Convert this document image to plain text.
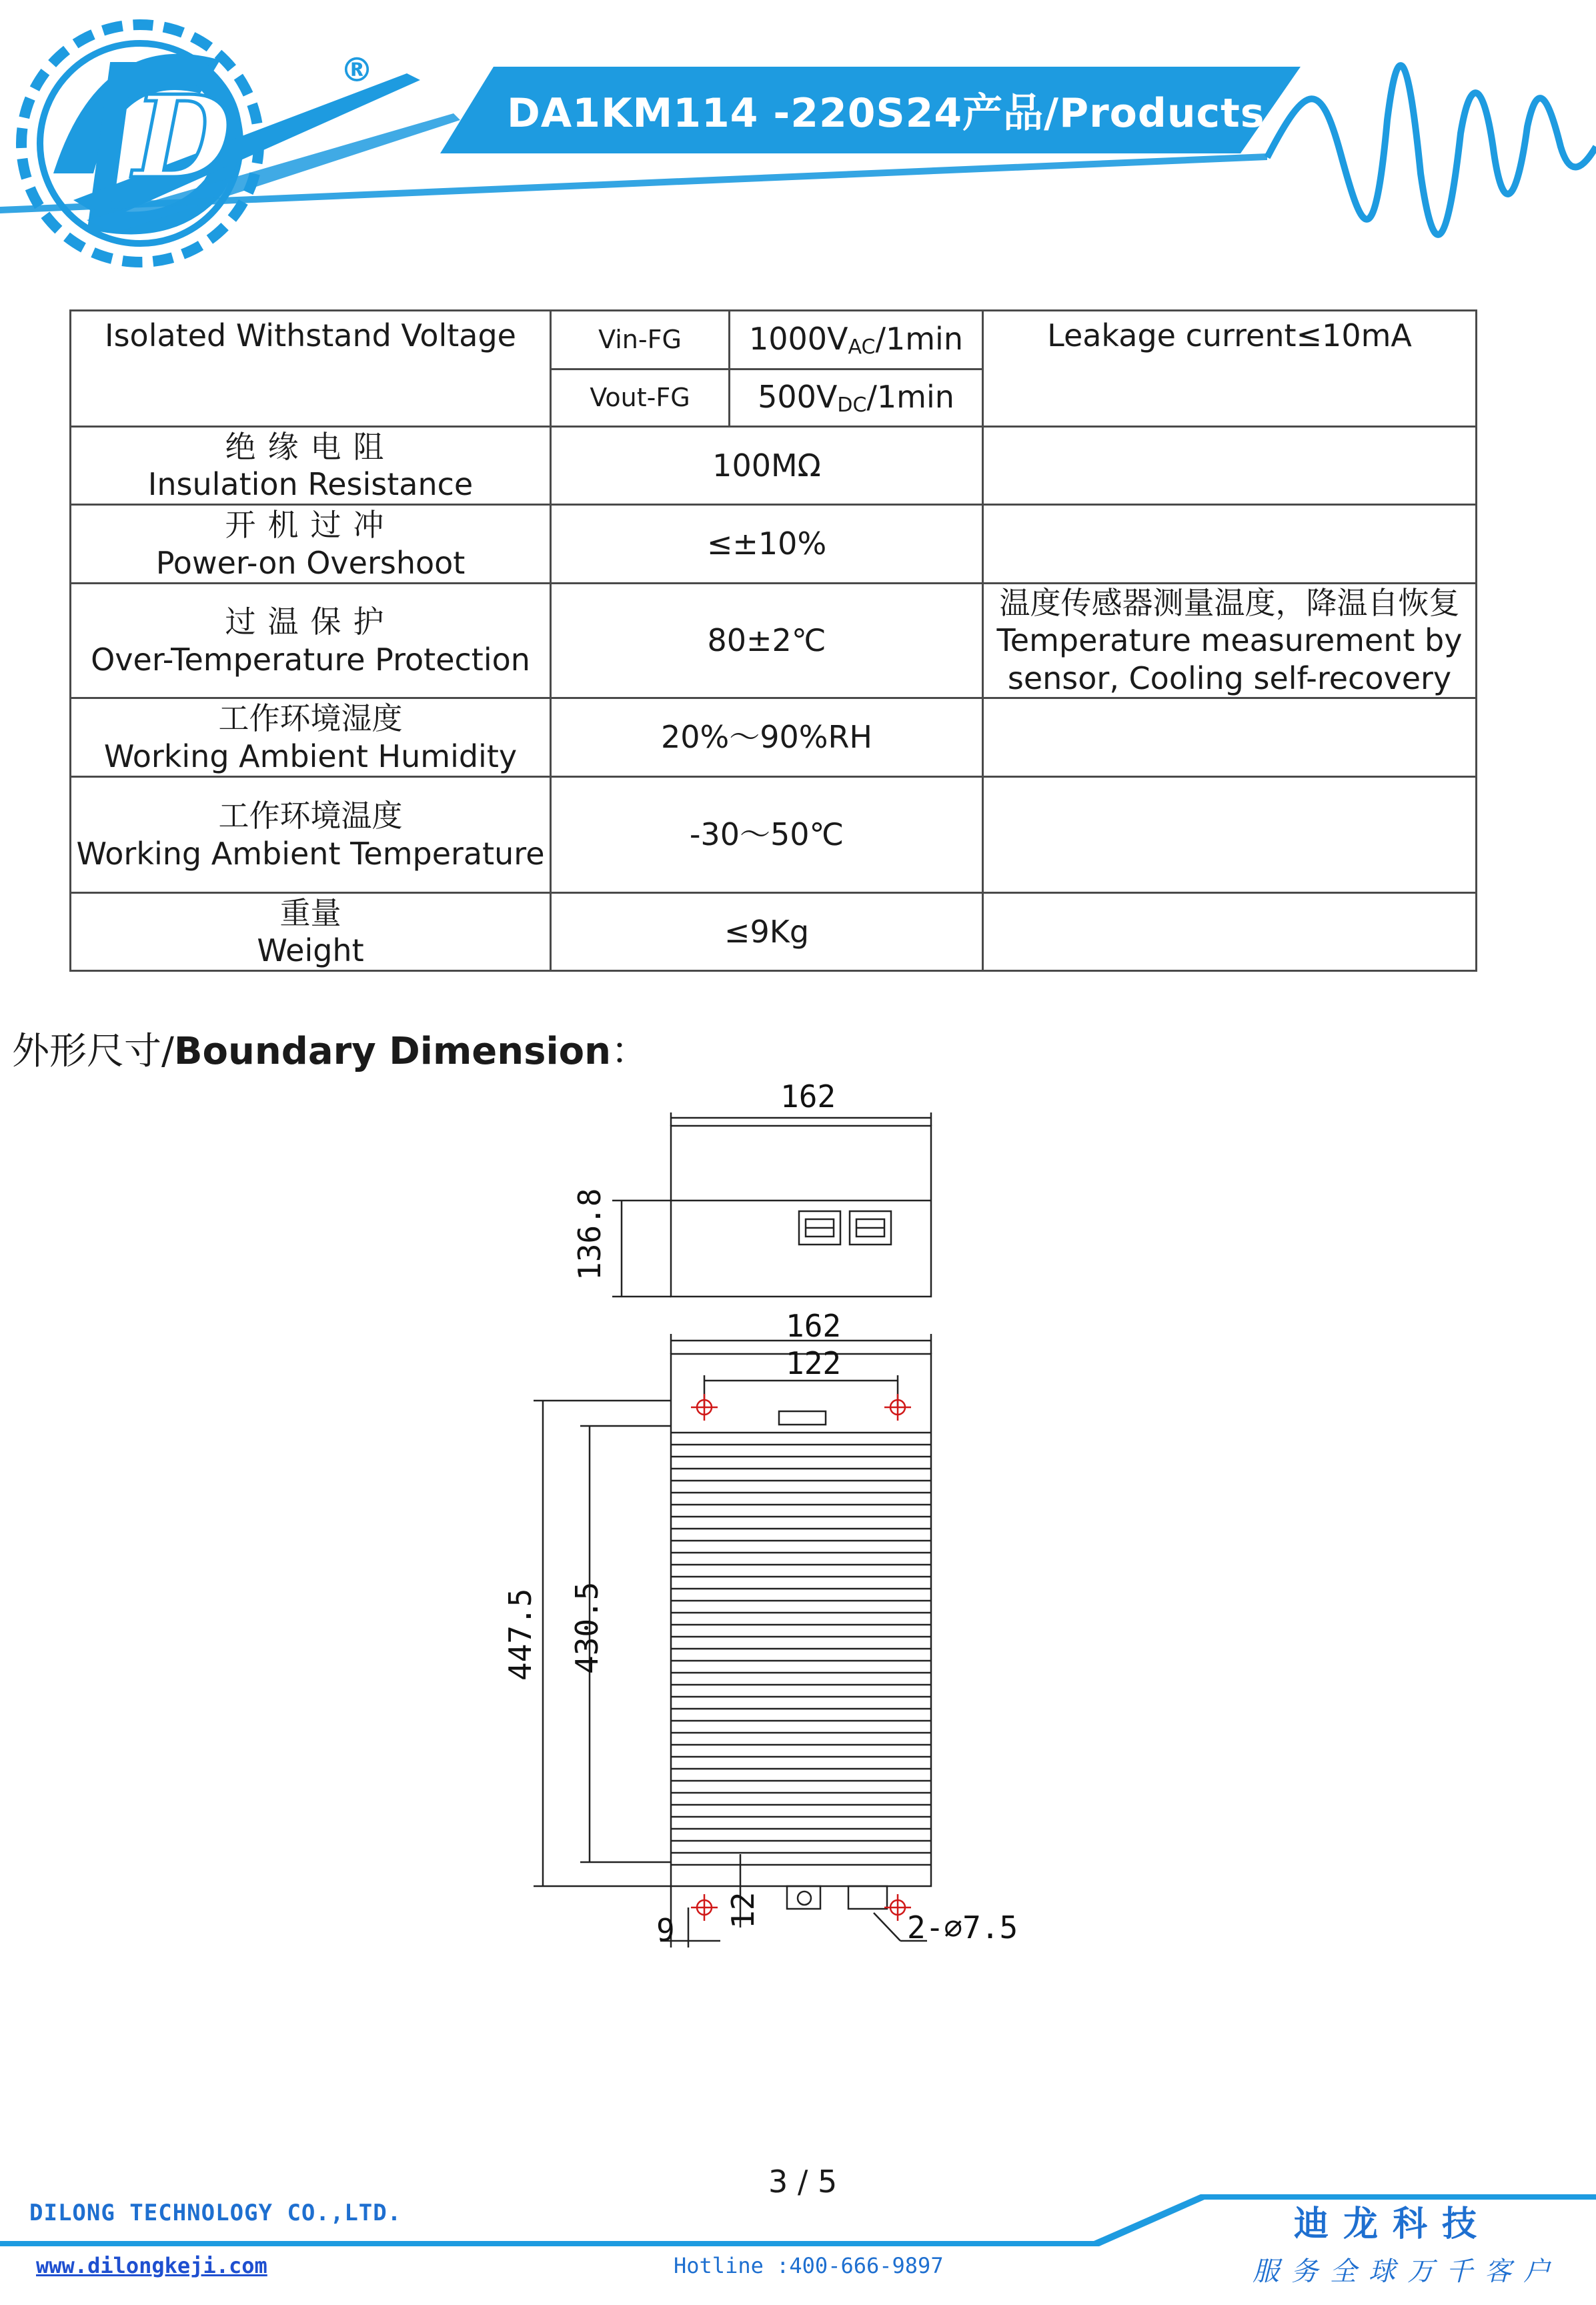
D
®
DA1KM114 -220S24产品/Products
Isolated Withstand Voltage	Vin-FG	$1000V_{AC}/1\min$	Leakage current≤10mA
	Vout-FG	$500V_{DC}/1\min$	

绝缘电阻
Insulation Resistance	100MΩ		

开机过冲
Power-on Overshoot	≤±10%		

过温保护
Over-Temperature Protection	80±2℃		温度传感器测量温度，降温自恢复
Temperature measurement by sensor, Cooling self-recovery

工作环境湿度
Working Ambient Humidity	20%～90%RH		

工作环境温度
Working Ambient Temperature	-30～50℃		

重量
Weight	≤9Kg		
外形尺寸/Boundary Dimension：
162
136.8
162
122
447.5 430.5
9
12	2-⌀7.5
3 / 5
DILONG TECHNOLOGY CO.,LTD.	迪龙科技
www.dilongkeji.com	Hotline :400-666-9897	服务全球万千客户
